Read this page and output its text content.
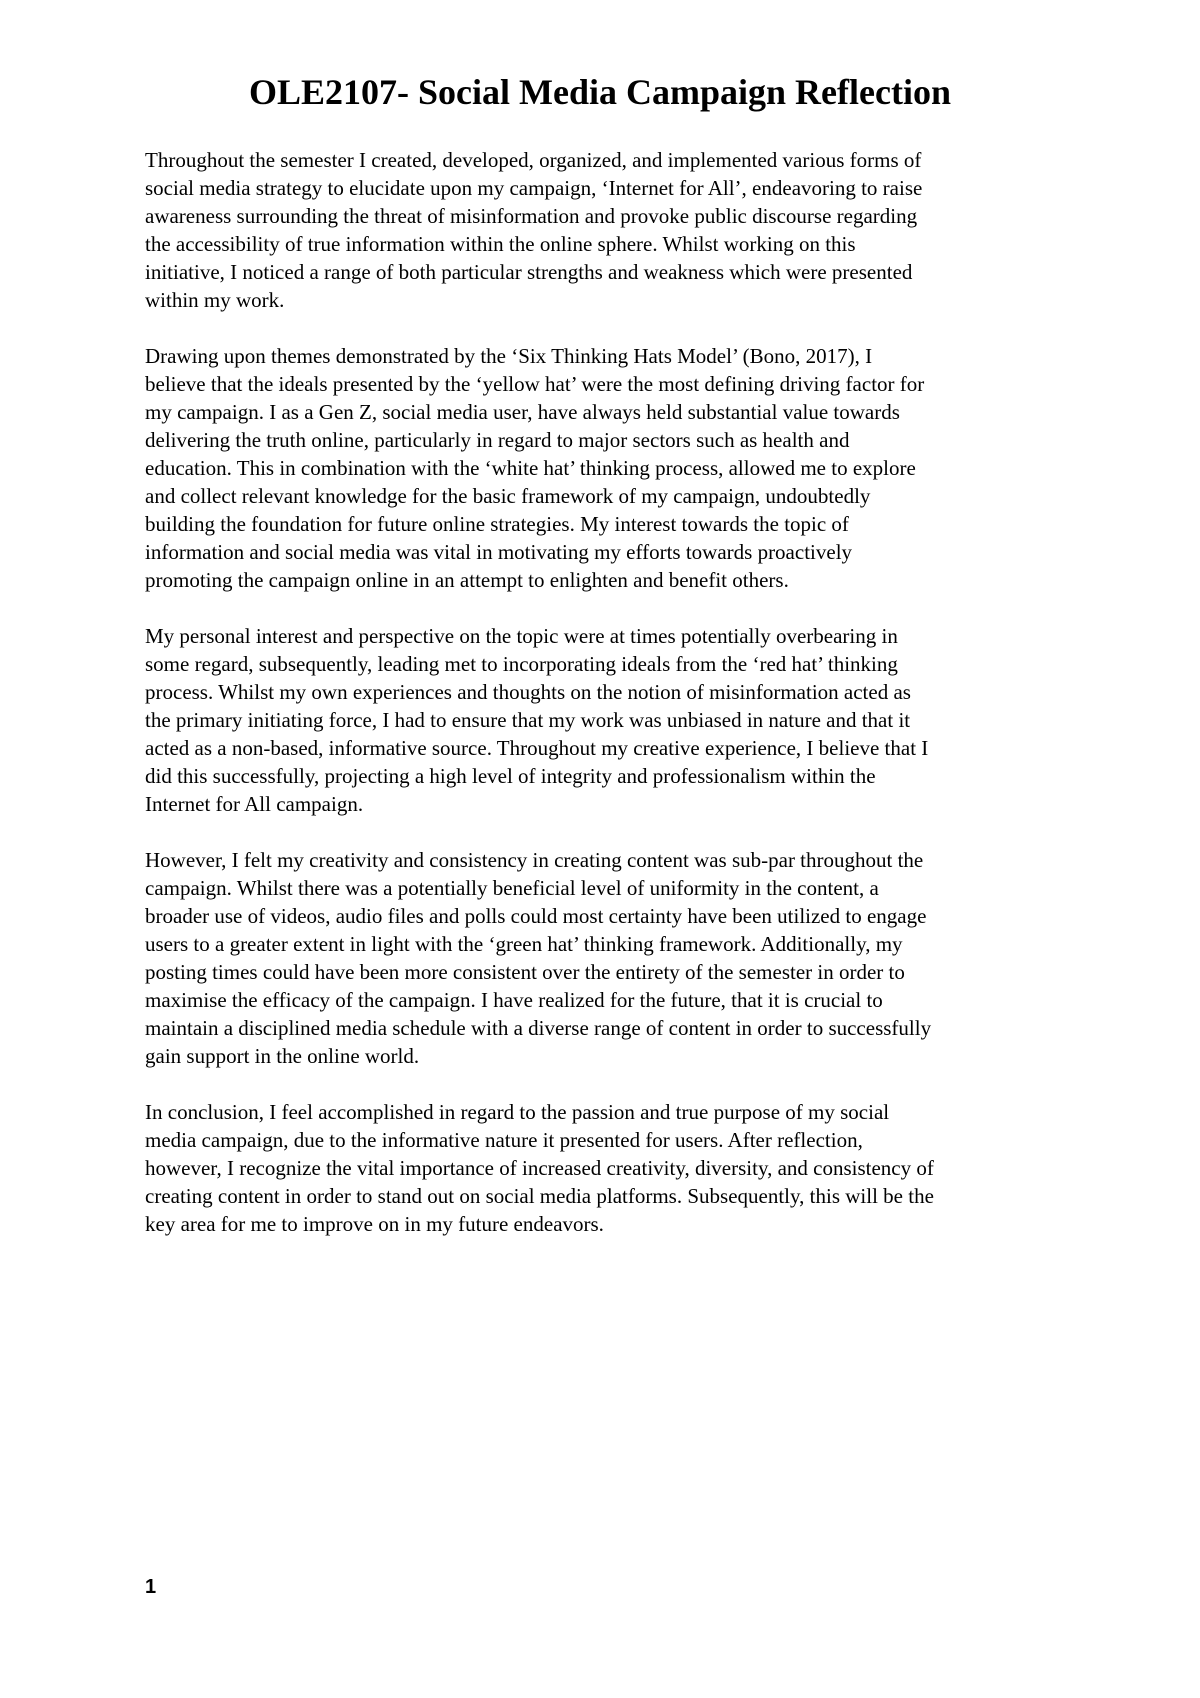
OLE2107- Social Media Campaign Reflection

Throughout the semester I created, developed, organized, and implemented various forms of
social media strategy to elucidate upon my campaign, ‘Internet for All’, endeavoring to raise
awareness surrounding the threat of misinformation and provoke public discourse regarding
the accessibility of true information within the online sphere. Whilst working on this
initiative, I noticed a range of both particular strengths and weakness which were presented
within my work.

Drawing upon themes demonstrated by the ‘Six Thinking Hats Model’ (Bono, 2017), I
believe that the ideals presented by the ‘yellow hat’ were the most defining driving factor for
my campaign. I as a Gen Z, social media user, have always held substantial value towards
delivering the truth online, particularly in regard to major sectors such as health and
education. This in combination with the ‘white hat’ thinking process, allowed me to explore
and collect relevant knowledge for the basic framework of my campaign, undoubtedly
building the foundation for future online strategies. My interest towards the topic of
information and social media was vital in motivating my efforts towards proactively
promoting the campaign online in an attempt to enlighten and benefit others.

My personal interest and perspective on the topic were at times potentially overbearing in
some regard, subsequently, leading met to incorporating ideals from the ‘red hat’ thinking
process. Whilst my own experiences and thoughts on the notion of misinformation acted as
the primary initiating force, I had to ensure that my work was unbiased in nature and that it
acted as a non-based, informative source. Throughout my creative experience, I believe that I
did this successfully, projecting a high level of integrity and professionalism within the
Internet for All campaign.

However, I felt my creativity and consistency in creating content was sub-par throughout the
campaign. Whilst there was a potentially beneficial level of uniformity in the content, a
broader use of videos, audio files and polls could most certainty have been utilized to engage
users to a greater extent in light with the ‘green hat’ thinking framework. Additionally, my
posting times could have been more consistent over the entirety of the semester in order to
maximise the efficacy of the campaign. I have realized for the future, that it is crucial to
maintain a disciplined media schedule with a diverse range of content in order to successfully
gain support in the online world.

In conclusion, I feel accomplished in regard to the passion and true purpose of my social
media campaign, due to the informative nature it presented for users. After reflection,
however, I recognize the vital importance of increased creativity, diversity, and consistency of
creating content in order to stand out on social media platforms. Subsequently, this will be the
key area for me to improve on in my future endeavors.

1
